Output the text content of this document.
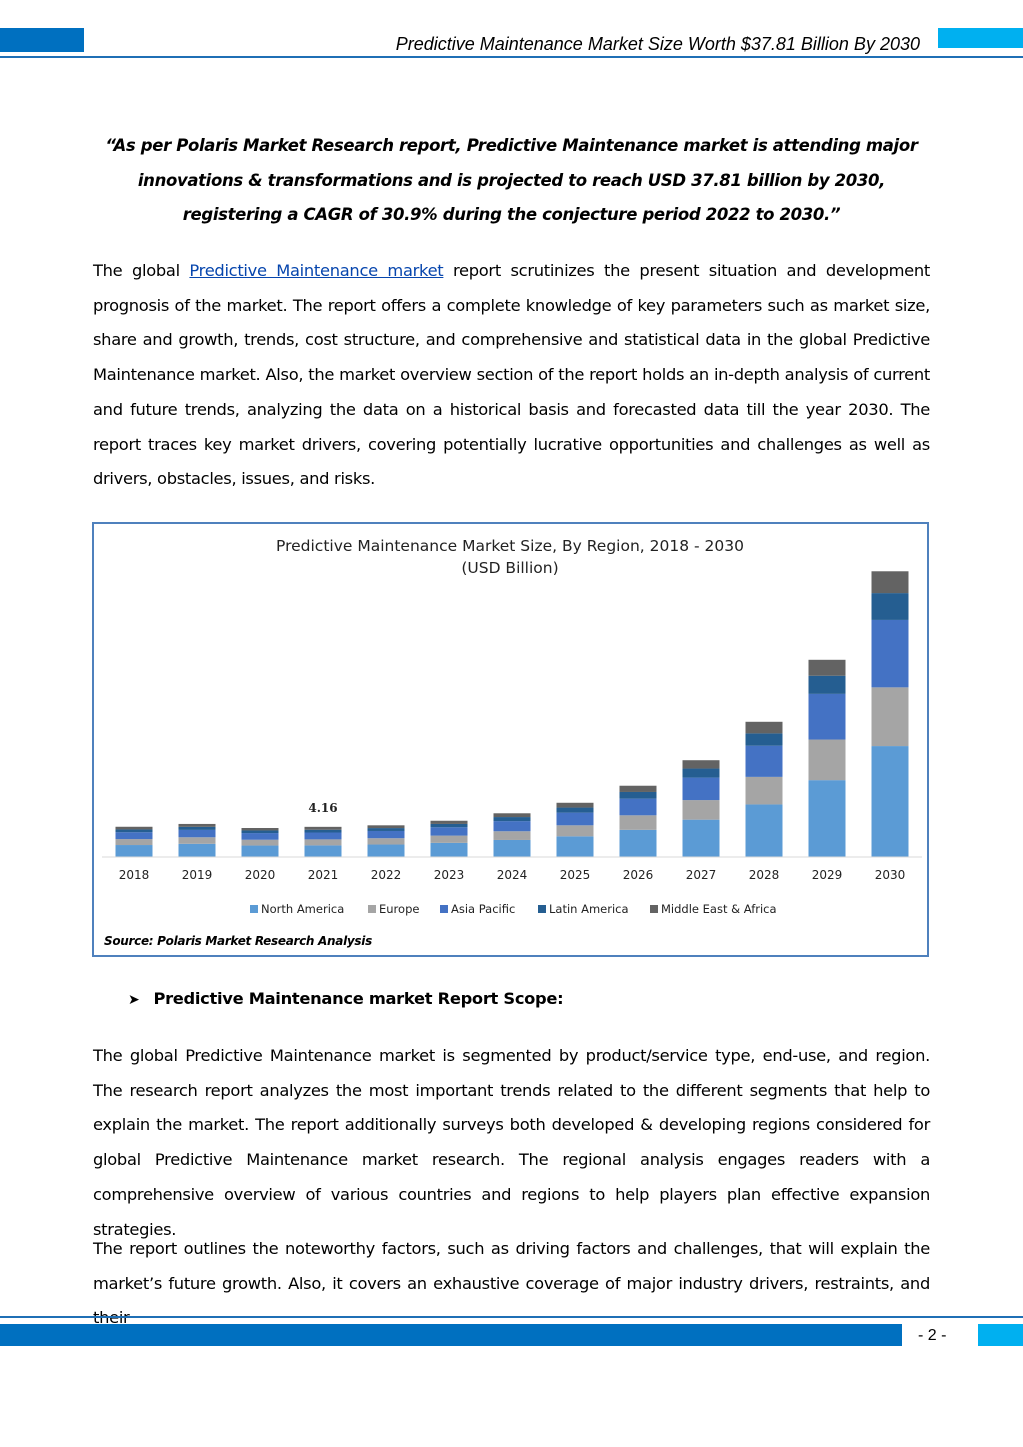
Predictive Maintenance Market Size Worth $37.81 Billion By 2030
“As per Polaris Market Research report, Predictive Maintenance market is attending major innovations & transformations and is projected to reach USD 37.81 billion by 2030, registering a CAGR of 30.9% during the conjecture period 2022 to 2030.”
The global Predictive Maintenance market report scrutinizes the present situation and development prognosis of the market. The report offers a complete knowledge of key parameters such as market size, share and growth, trends, cost structure, and comprehensive and statistical data in the global Predictive Maintenance market. Also, the market overview section of the report holds an in-depth analysis of current and future trends, analyzing the data on a historical basis and forecasted data till the year 2030. The report traces key market drivers, covering potentially lucrative opportunities and challenges as well as drivers, obstacles, issues, and risks.
Predictive Maintenance Market Size, By Region, 2018 - 2030
(USD Billion)
2018	2019	2020	2021	2022	2023	2024	2025	2026	2027	2028	2029	2030
4.16
North America	Europe	Asia Pacific	Latin America	Middle East & Africa
Source: Polaris Market Research Analysis
➤ Predictive Maintenance market Report Scope:
The global Predictive Maintenance market is segmented by product/service type, end-use, and region. The research report analyzes the most important trends related to the different segments that help to explain the market. The report additionally surveys both developed & developing regions considered for global Predictive Maintenance market research. The regional analysis engages readers with a comprehensive overview of various countries and regions to help players plan effective expansion strategies.
The report outlines the noteworthy factors, such as driving factors and challenges, that will explain the market’s future growth. Also, it covers an exhaustive coverage of major industry drivers, restraints, and
- 2 -
